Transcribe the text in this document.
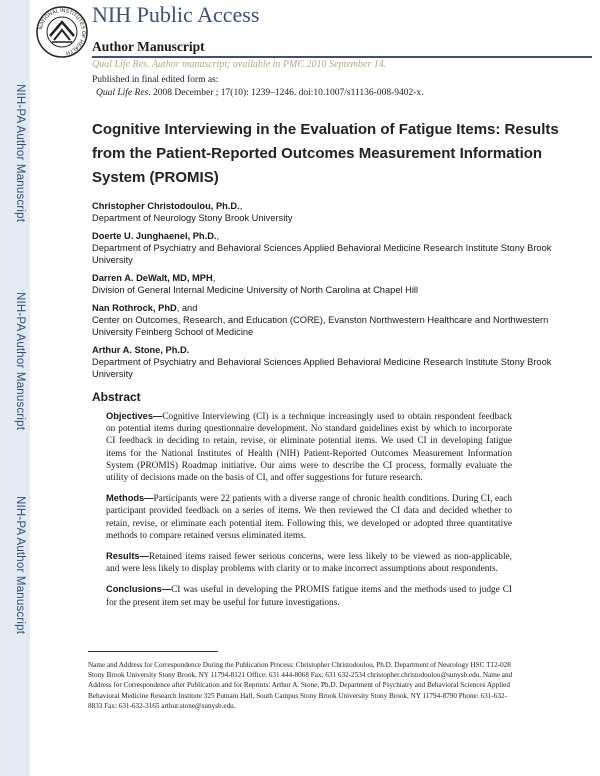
NIH-PA Author Manuscript
NIH-PA Author Manuscript
NIH-PA Author Manuscript
NATIONAL INSTITUTES OF HEALTH
NIH Public Access
Author Manuscript
Qual Life Res. Author manuscript; available in PMC 2010 September 14.
Published in final edited form as:
Qual Life Res. 2008 December ; 17(10): 1239–1246. doi:10.1007/s11136-008-9402-x.
Cognitive Interviewing in the Evaluation of Fatigue Items: Results from the Patient-Reported Outcomes Measurement Information System (PROMIS)
Christopher Christodoulou, Ph.D.,
Department of Neurology Stony Brook University
Doerte U. Junghaenel, Ph.D.,
Department of Psychiatry and Behavioral Sciences Applied Behavioral Medicine Research Institute Stony Brook University
Darren A. DeWalt, MD, MPH,
Division of General Internal Medicine University of North Carolina at Chapel Hill
Nan Rothrock, PhD, and
Center on Outcomes, Research, and Education (CORE), Evanston Northwestern Healthcare and Northwestern University Feinberg School of Medicine
Arthur A. Stone, Ph.D.
Department of Psychiatry and Behavioral Sciences Applied Behavioral Medicine Research Institute Stony Brook University
Abstract

Objectives—Cognitive Interviewing (CI) is a technique increasingly used to obtain respondent feedback on potential items during questionnaire development. No standard guidelines exist by which to incorporate CI feedback in deciding to retain, revise, or eliminate potential items. We used CI in developing fatigue items for the National Institutes of Health (NIH) Patient-Reported Outcomes Measurement Information System (PROMIS) Roadmap initiative. Our aims were to describe the CI process, formally evaluate the utility of decisions made on the basis of CI, and offer suggestions for future research.

Methods—Participants were 22 patients with a diverse range of chronic health conditions. During CI, each participant provided feedback on a series of items. We then reviewed the CI data and decided whether to retain, revise, or eliminate each potential item. Following this, we developed or adopted three quantitative methods to compare retained versus eliminated items.

Results—Retained items raised fewer serious concerns, were less likely to be viewed as non-applicable, and were less likely to display problems with clarity or to make incorrect assumptions about respondents.

Conclusions—CI was useful in developing the PROMIS fatigue items and the methods used to judge CI for the present item set may be useful for future investigations.

Name and Address for Correspondence During the Publication Process: Christopher Christodoulou, Ph.D. Department of Neurology HSC T12-028 Stony Brook University Stony Brook, NY 11794-8121 Office: 631 444-8068 Fax: 631 632-2534 christopher.christodoulou@sunysb.edu. Name and Address for Correspondence after Publication and for Reprints: Arthur A. Stone, Ph.D. Department of Psychiatry and Behavioral Sciences Applied Behavioral Medicine Research Institute 325 Putnam Hall, South Campus Stony Brook University Stony Brook, NY 11794-8790 Phone: 631-632-8833 Fax: 631-632-3165 arthur.stone@sunysb.edu.
